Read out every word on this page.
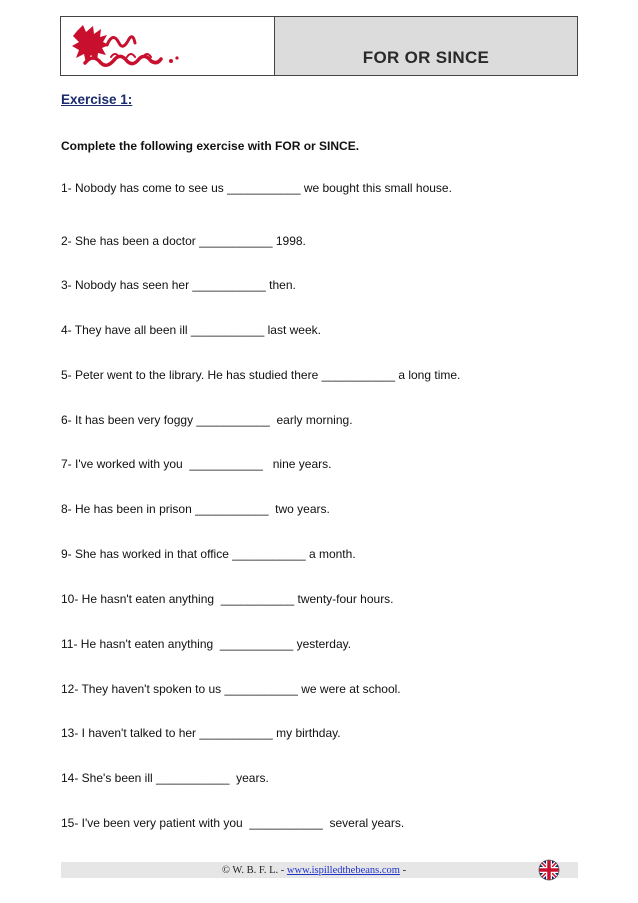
FOR OR SINCE
Exercise 1:
Complete the following exercise with FOR or SINCE.
1- Nobody has come to see us ___________ we bought this small house.
2- She has been a doctor ___________ 1998.
3- Nobody has seen her ___________ then.
4- They have all been ill ___________ last week.
5- Peter went to the library. He has studied there ___________ a long time.
6- It has been very foggy ___________  early morning.
7- I've worked with you  ___________   nine years.
8- He has been in prison ___________  two years.
9- She has worked in that office ___________ a month.
10- He hasn't eaten anything  ___________ twenty-four hours.
11- He hasn't eaten anything  ___________ yesterday.
12- They haven't spoken to us ___________ we were at school.
13- I haven't talked to her ___________ my birthday.
14- She's been ill ___________  years.
15- I've been very patient with you  ___________  several years.
© W. B. F. L. - www.ispilledthebeans.com -
